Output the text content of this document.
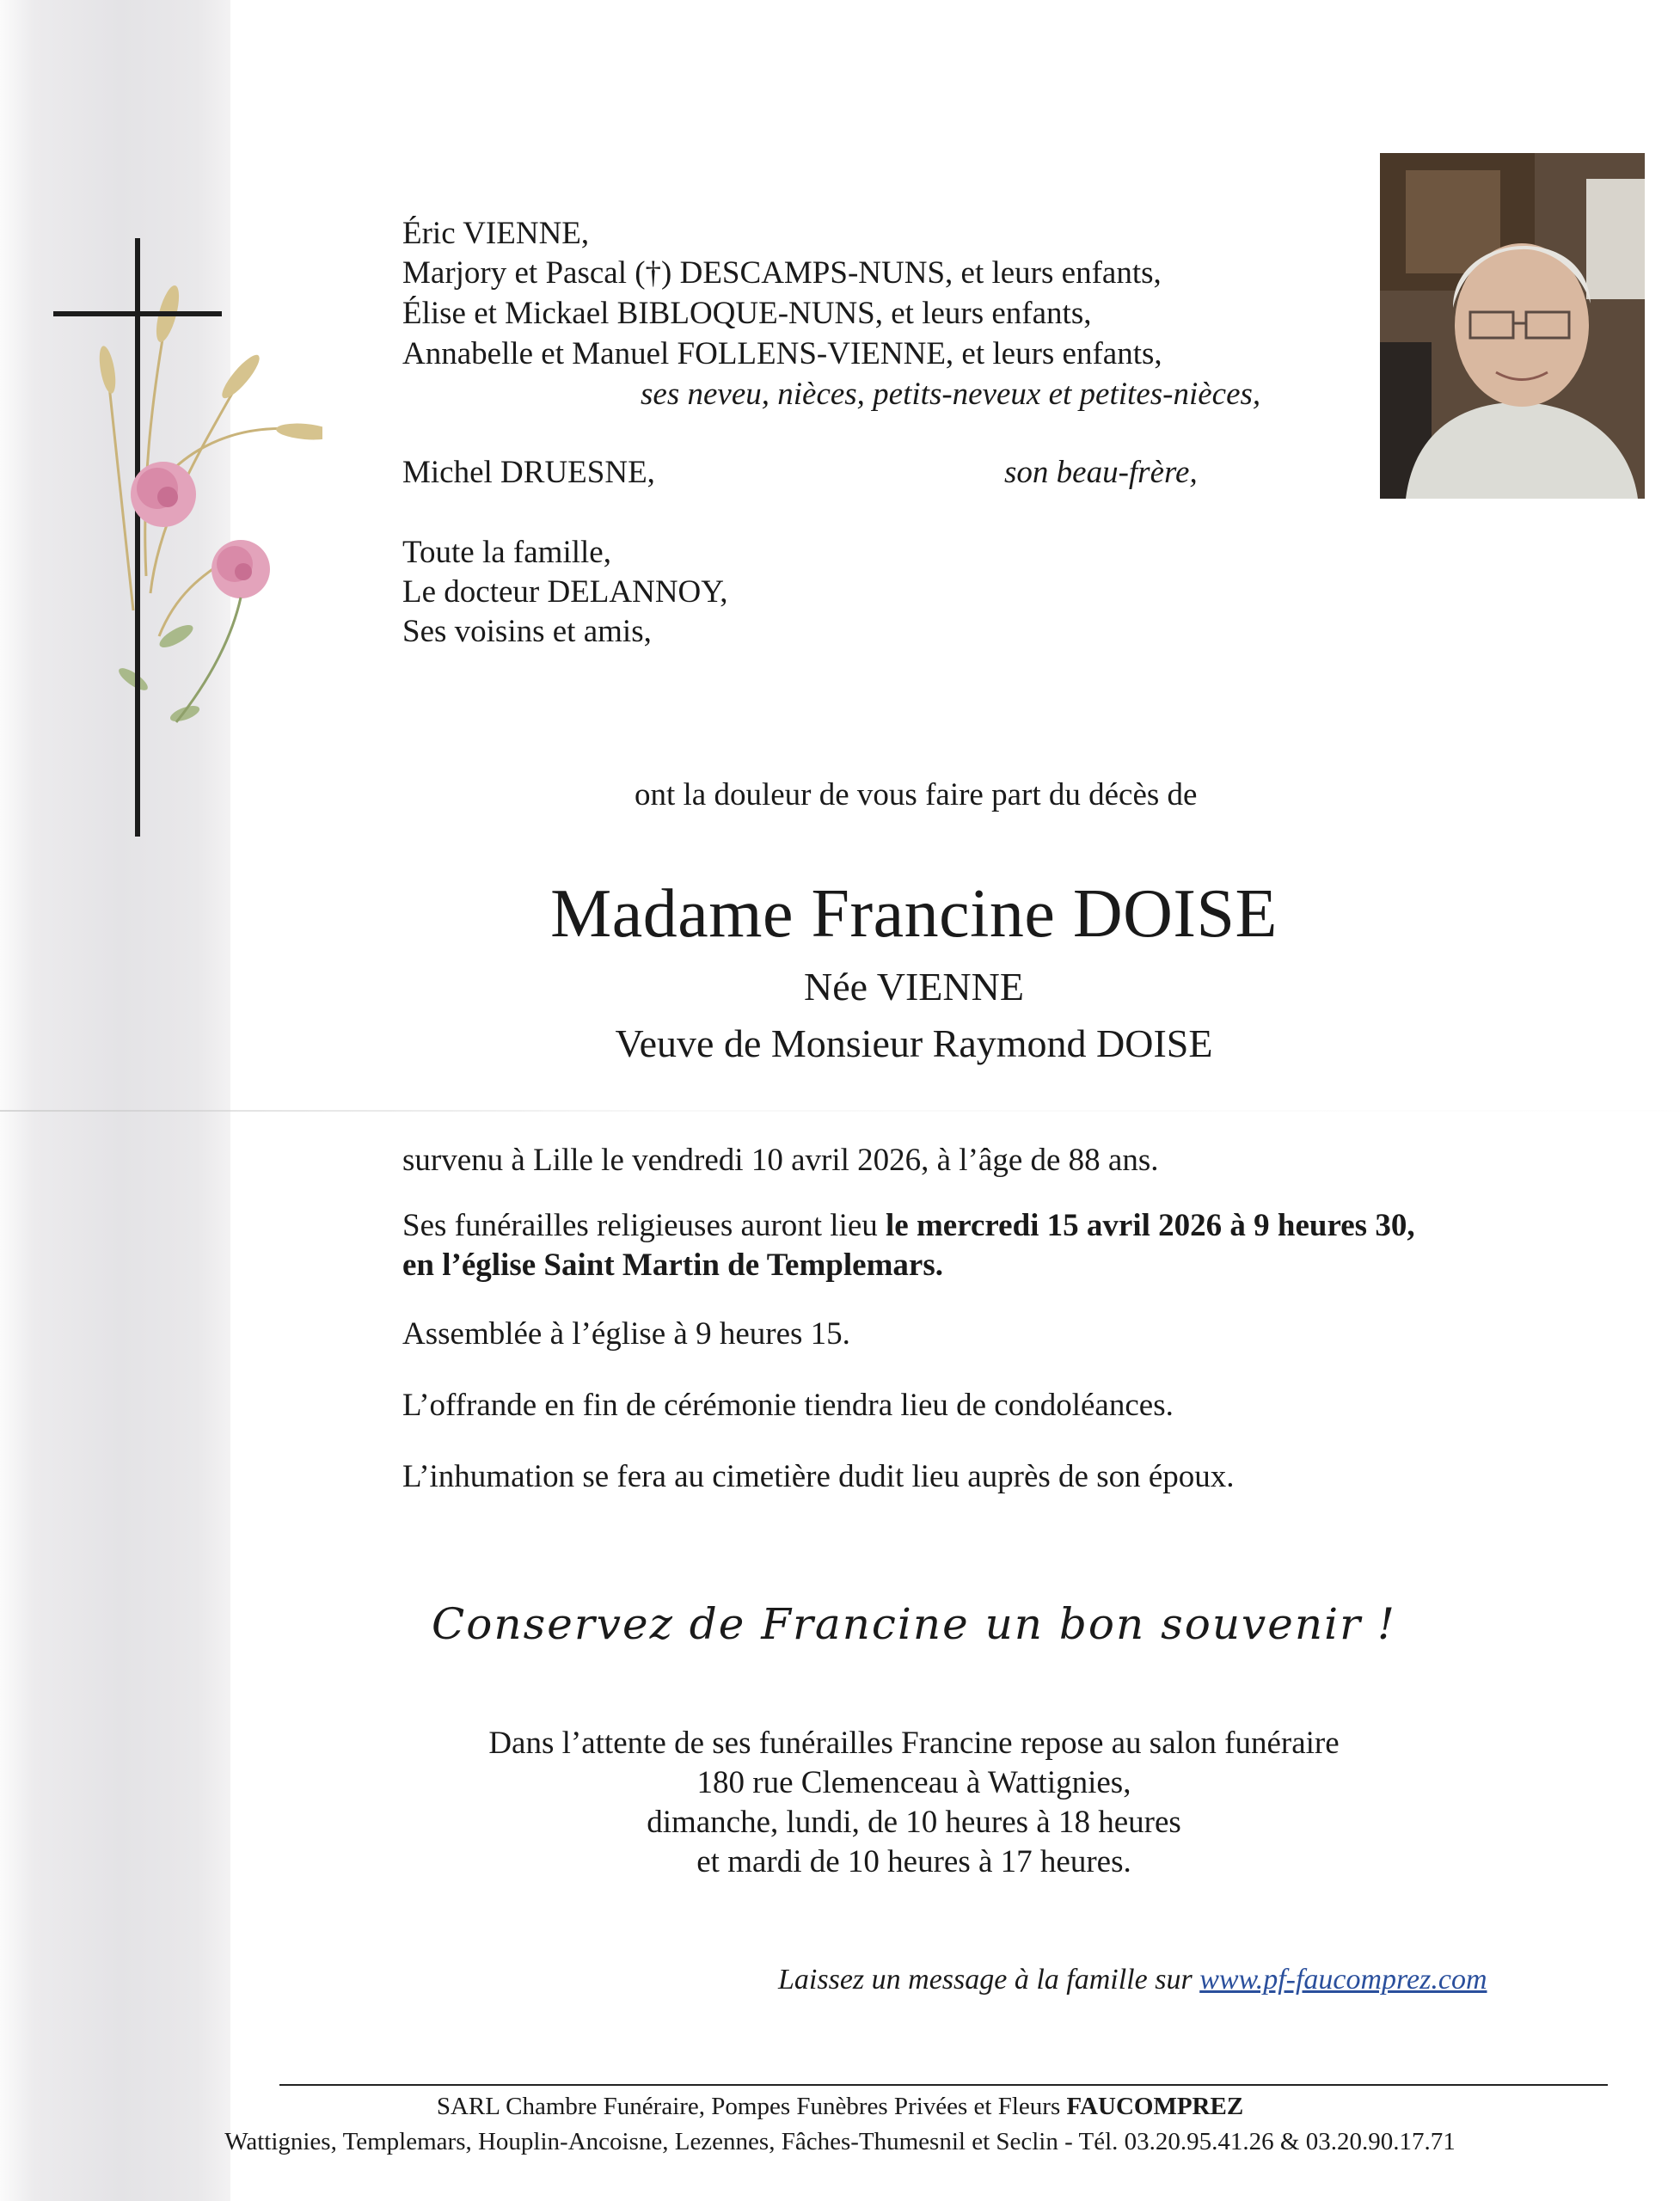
Éric VIENNE,
Marjory et Pascal (†) DESCAMPS-NUNS, et leurs enfants,
Élise et Mickael BIBLOQUE-NUNS, et leurs enfants,
Annabelle et Manuel FOLLENS-VIENNE, et leurs enfants,
ses neveu, nièces, petits-neveux et petites-nièces,
Michel DRUESNE,	son beau-frère,
Toute la famille,
Le docteur DELANNOY,
Ses voisins et amis,
ont la douleur de vous faire part du décès de
Madame Francine DOISE
Née VIENNE
Veuve de Monsieur Raymond DOISE
survenu à Lille le vendredi 10 avril 2026, à l’âge de 88 ans.
Ses funérailles religieuses auront lieu le mercredi 15 avril 2026 à 9 heures 30,
en l’église Saint Martin de Templemars.
Assemblée à l’église à 9 heures 15.
L’offrande en fin de cérémonie tiendra lieu de condoléances.
L’inhumation se fera au cimetière dudit lieu auprès de son époux.
Conservez de Francine un bon souvenir !
Dans l’attente de ses funérailles Francine repose au salon funéraire
180 rue Clemenceau à Wattignies,
dimanche, lundi, de 10 heures à 18 heures
et mardi de 10 heures à 17 heures.
Laissez un message à la famille sur www.pf-faucomprez.com
SARL Chambre Funéraire, Pompes Funèbres Privées et Fleurs FAUCOMPREZ
Wattignies, Templemars, Houplin-Ancoisne, Lezennes, Fâches-Thumesnil et Seclin - Tél. 03.20.95.41.26 & 03.20.90.17.71
